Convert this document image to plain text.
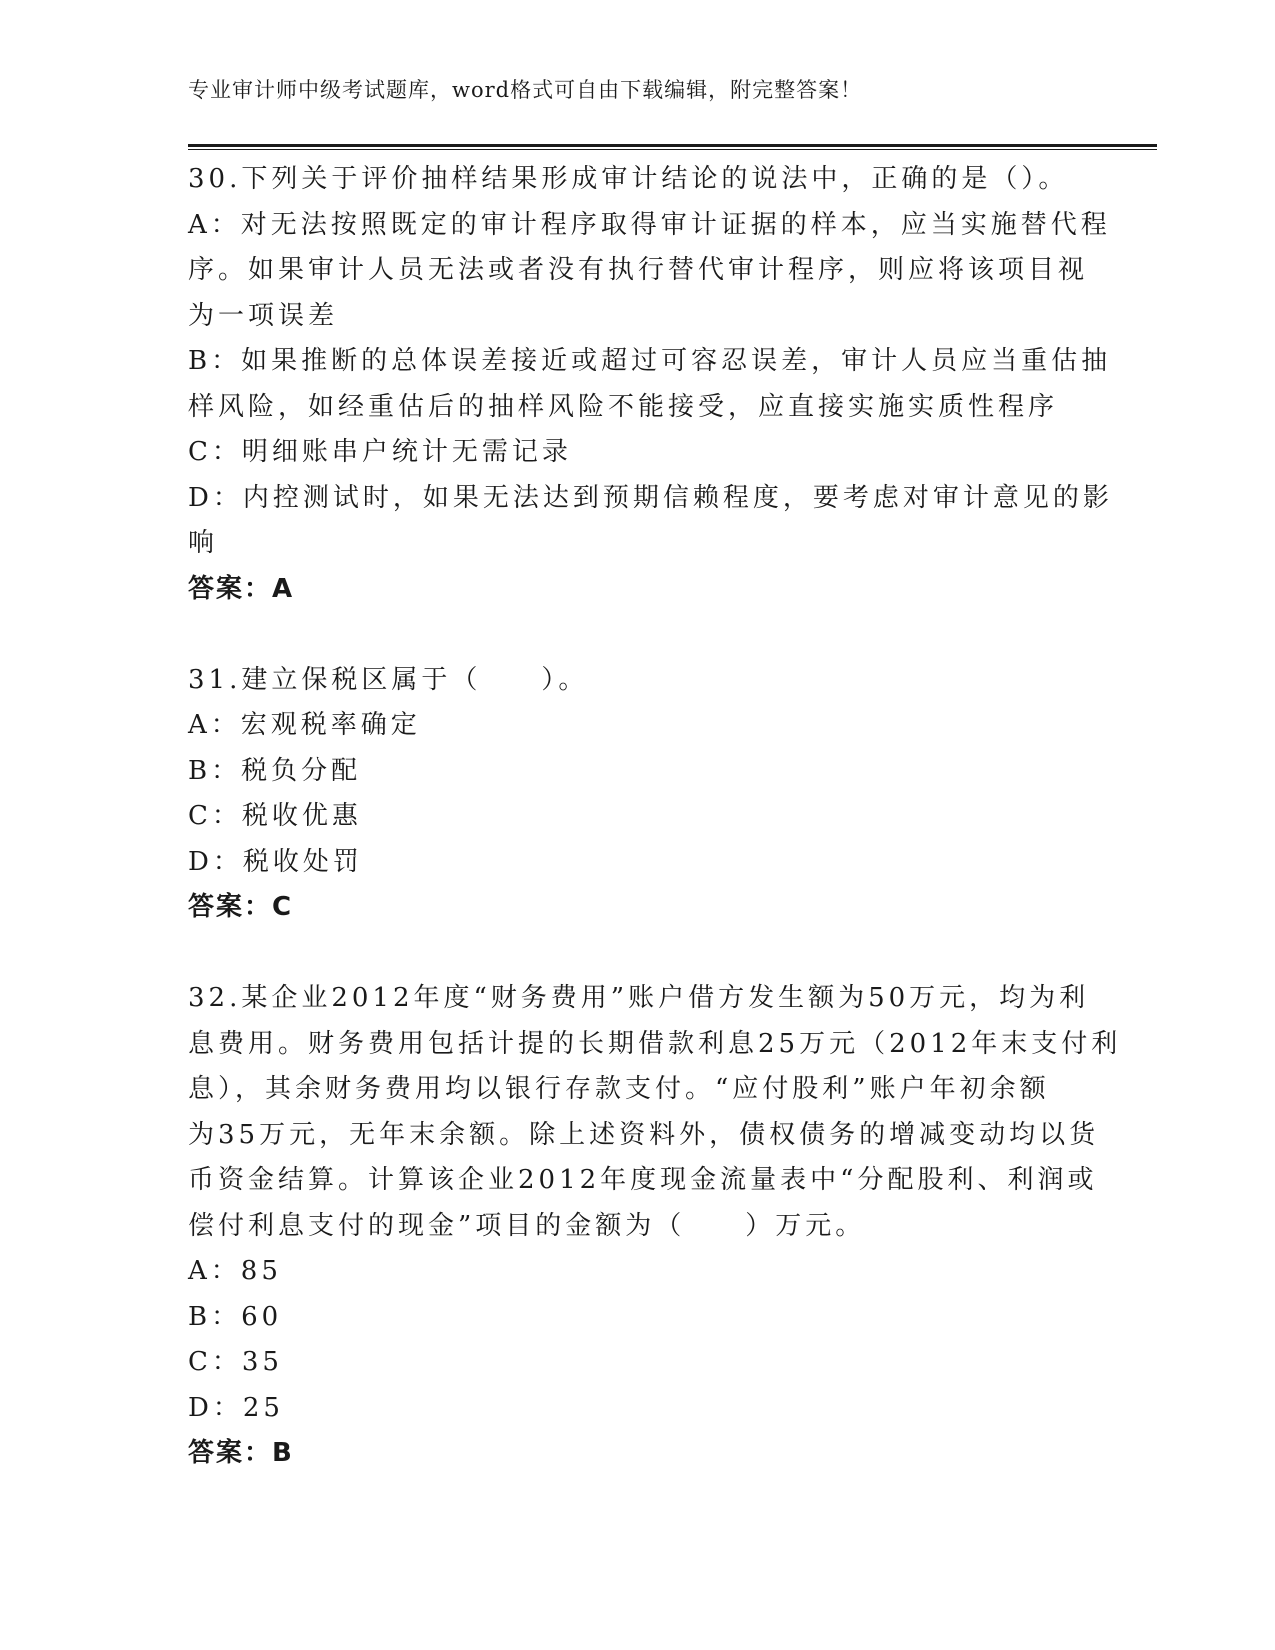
专业审计师中级考试题库，word格式可自由下载编辑，附完整答案！
30.下列关于评价抽样结果形成审计结论的说法中，正确的是（）。
A：对无法按照既定的审计程序取得审计证据的样本，应当实施替代程
序。如果审计人员无法或者没有执行替代审计程序，则应将该项目视
为一项误差
B：如果推断的总体误差接近或超过可容忍误差，审计人员应当重估抽
样风险，如经重估后的抽样风险不能接受，应直接实施实质性程序
C：明细账串户统计无需记录
D：内控测试时，如果无法达到预期信赖程度，要考虑对审计意见的影
响
答案：A
31.建立保税区属于（　　）。
A：宏观税率确定
B：税负分配
C：税收优惠
D：税收处罚
答案：C
32.某企业2012年度“财务费用”账户借方发生额为50万元，均为利
息费用。财务费用包括计提的长期借款利息25万元（2012年末支付利
息），其余财务费用均以银行存款支付。“应付股利”账户年初余额
为35万元，无年末余额。除上述资料外，债权债务的增减变动均以货
币资金结算。计算该企业2012年度现金流量表中“分配股利、利润或
偿付利息支付的现金”项目的金额为（　　）万元。
A：85
B：60
C：35
D：25
答案：B
